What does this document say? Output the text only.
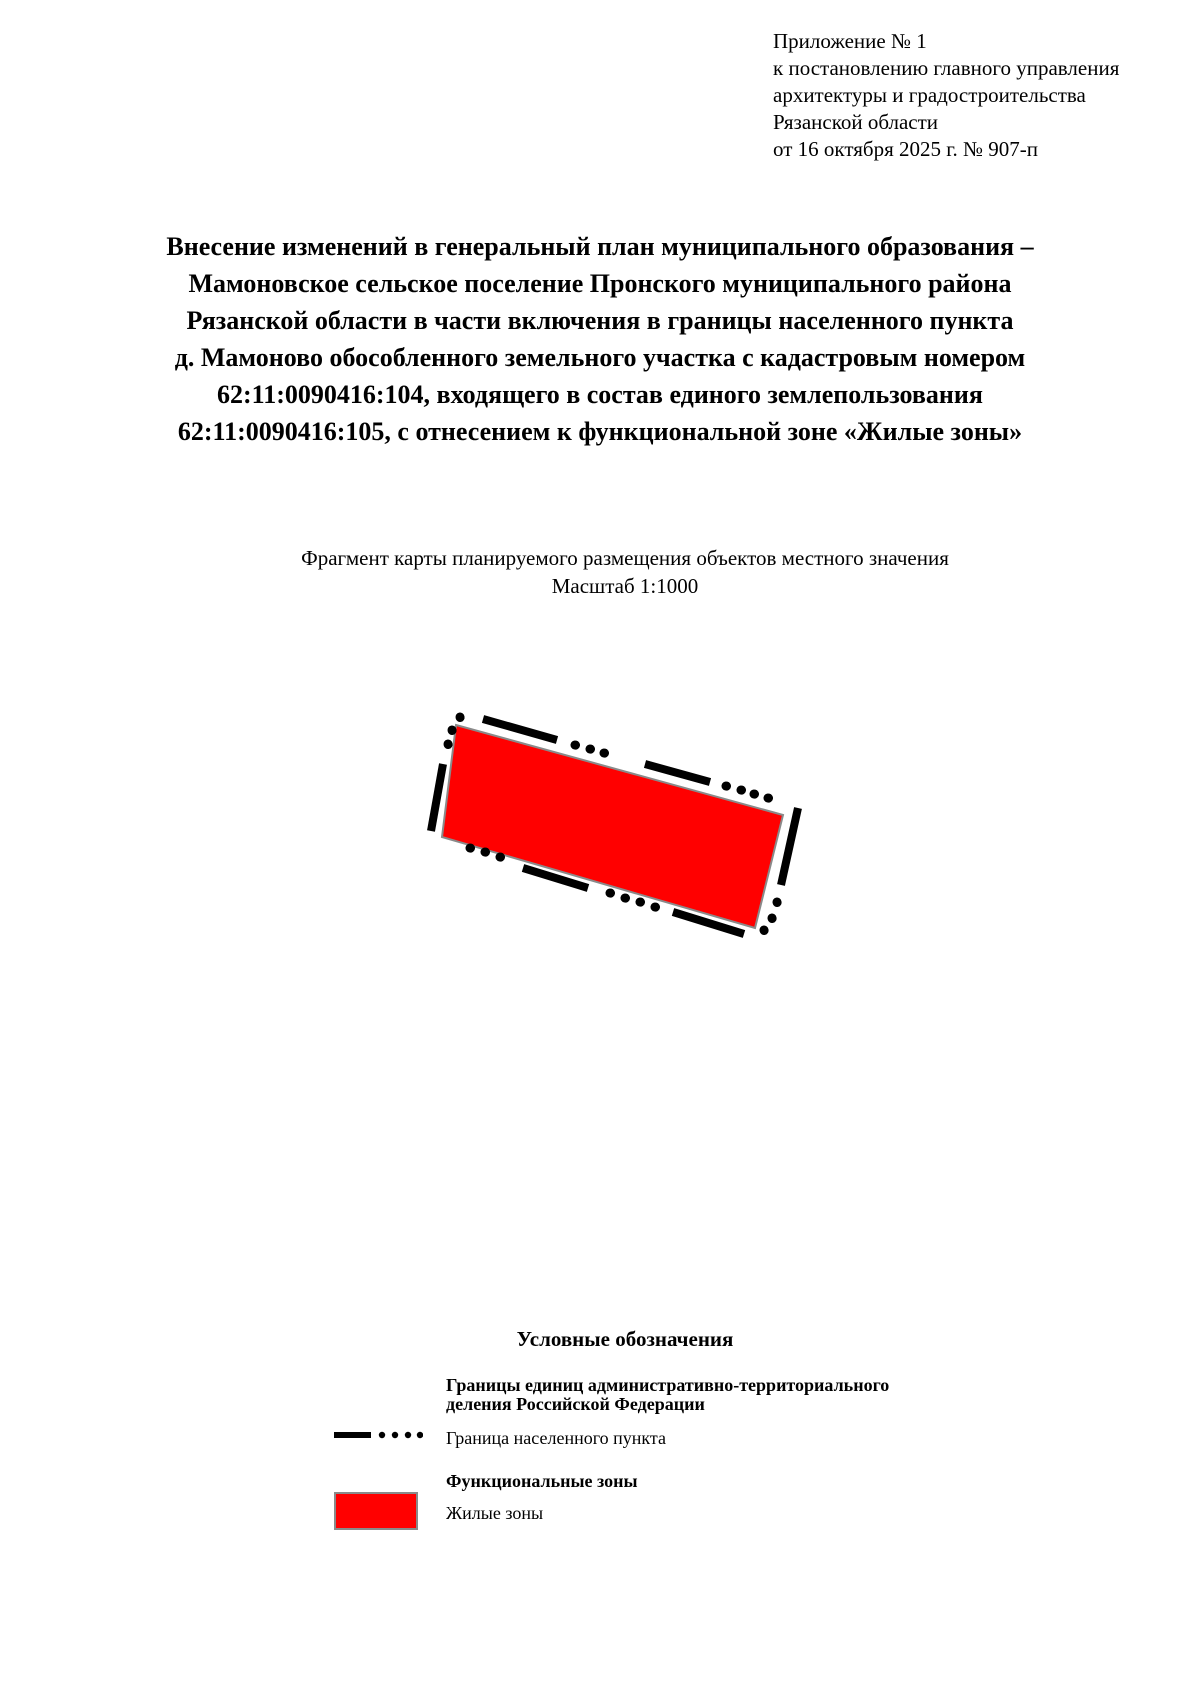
Приложение № 1
к постановлению главного управления
архитектуры и градостроительства
Рязанской области
от 16 октября 2025 г. № 907-п
Внесение изменений в генеральный план муниципального образования –
Мамоновское сельское поселение Пронского муниципального района
Рязанской области в части включения в границы населенного пункта
д. Мамоново обособленного земельного участка с кадастровым номером
62:11:0090416:104, входящего в состав единого землепользования
62:11:0090416:105, с отнесением к функциональной зоне «Жилые зоны»
Фрагмент карты планируемого размещения объектов местного значения
Масштаб 1:1000
Условные обозначения
Границы единиц административно-территориального
деления Российской Федерации
Граница населенного пункта
Функциональные зоны
Жилые зоны
